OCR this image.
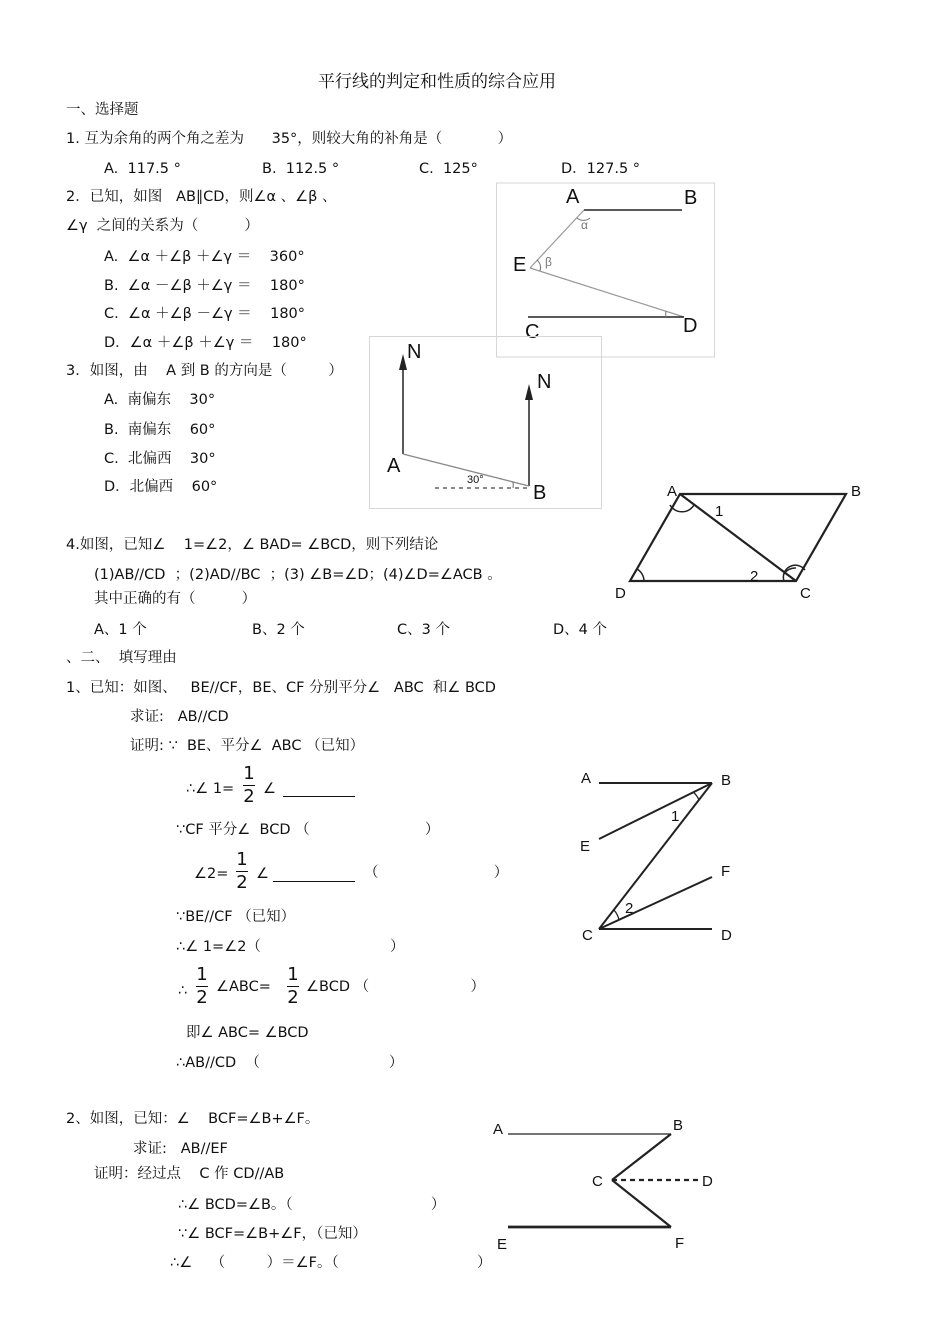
平行线的判定和性质的综合应用
一、选择题
1. 互为余角的两个角之差为      35°，则较大角的补角是（            ）
A.  117.5 °	B.  112.5 °	C.  125°	D．127.5 °
2．已知，如图   AB∥CD，则∠α 、∠β 、
∠γ  之间的关系为（          ）
A.  ∠α ＋∠β ＋∠γ ＝    360°
B.  ∠α －∠β ＋∠γ ＝    180°
C.  ∠α ＋∠β －∠γ ＝    180°
D．∠α ＋∠β ＋∠γ ＝    180°
A	B
E
C	D
α
β
3．如图，由    A 到 B 的方向是（         ）
A.  南偏东    30°
B.  南偏东    60°
C.  北偏西    30°
D．北偏西    60°
N
N
A
B
30°
4.如图，已知∠    1=∠2，∠ BAD= ∠BCD，则下列结论
(1)AB//CD  ；(2)AD//BC  ；(3) ∠B=∠D；(4)∠D=∠ACB 。
其中正确的有（          ）
A、1 个	B、2 个	C、3 个	D、4 个
A	B
C
D
1
2
、二、  填写理由
1、已知：如图、   BE//CF，BE、CF 分别平分∠   ABC  和∠ BCD
求证:   AB//CD
证明: ∵  BE、平分∠  ABC （已知）
∴∠ 1=
1
2 ∠
∵CF 平分∠  BCD （                         ）
∠2=
1
2 ∠	（                         ）
∵BE//CF （已知）
∴∠ 1=∠2（                            ）
∴
1
2 ∠ABC=
1
2 ∠BCD （                      ）
即∠ ABC= ∠BCD
∴AB//CD  （                            ）
A	B
E
F
C	D
1
2
2、如图，已知：∠    BCF=∠B+∠F。
求证:   AB//EF
证明：经过点    C 作 CD//AB
∴∠ BCD=∠B。（                              ）
∵∠ BCF=∠B+∠F，（已知）
∴∠    （         ）＝∠F。（                              ）
A	B
C	D
E	F
